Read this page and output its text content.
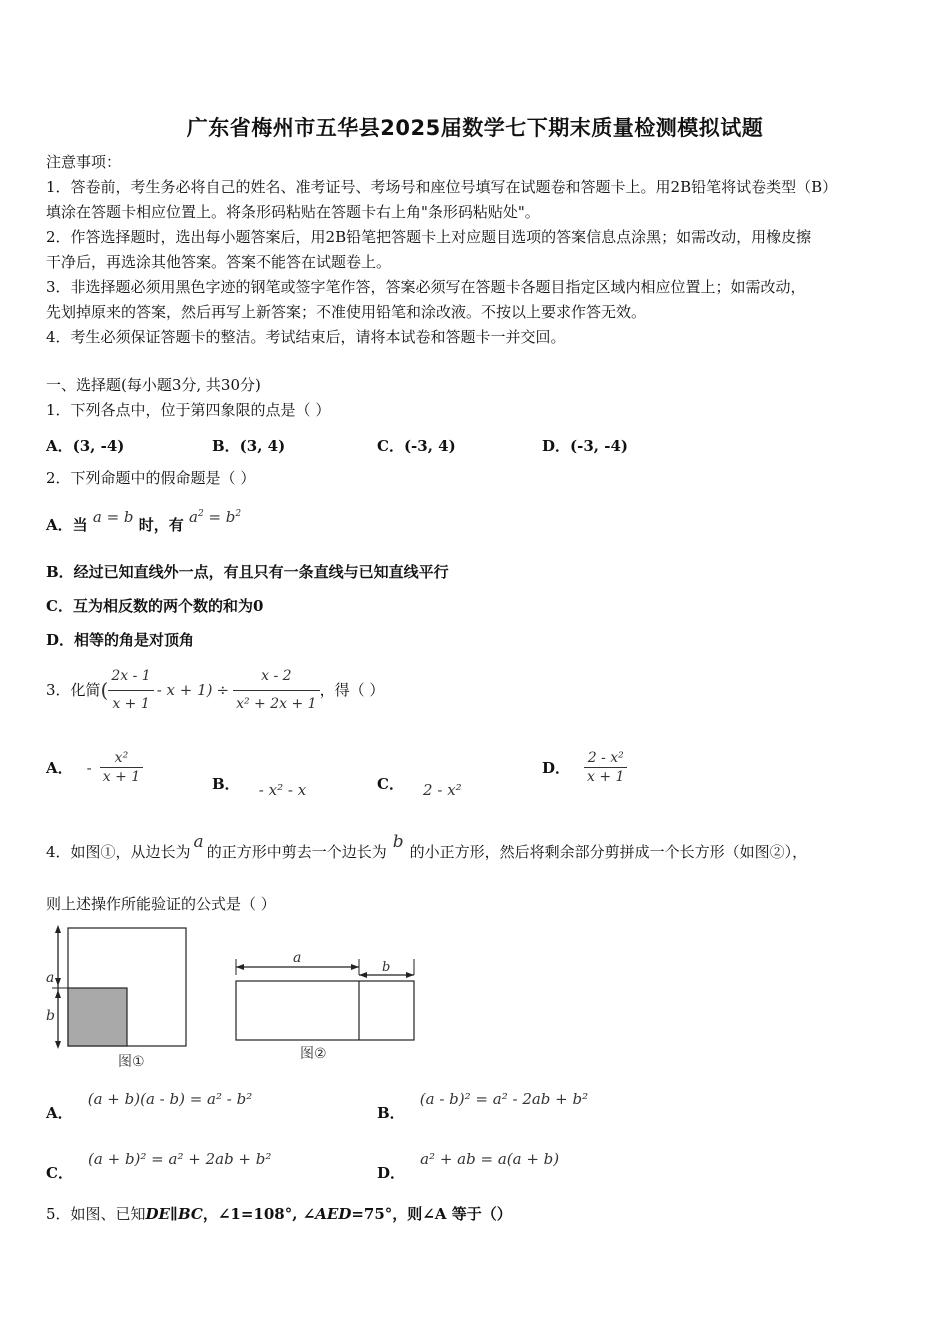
广东省梅州市五华县2025届数学七下期末质量检测模拟试题

注意事项：

1．答卷前，考生务必将自己的姓名、准考证号、考场号和座位号填写在试题卷和答题卡上。用2B铅笔将试卷类型（B）

填涂在答题卡相应位置上。将条形码粘贴在答题卡右上角"条形码粘贴处"。

2．作答选择题时，选出每小题答案后，用2B铅笔把答题卡上对应题目选项的答案信息点涂黑；如需改动，用橡皮擦

干净后，再选涂其他答案。答案不能答在试题卷上。

3．非选择题必须用黑色字迹的钢笔或签字笔作答，答案必须写在答题卡各题目指定区域内相应位置上；如需改动，

先划掉原来的答案，然后再写上新答案；不准使用铅笔和涂改液。不按以上要求作答无效。

4．考生必须保证答题卡的整洁。考试结束后，请将本试卷和答题卡一并交回。

一、选择题(每小题3分, 共30分)
1．下列各点中，位于第四象限的点是（ ）
A．(3, -4)	B．(3, 4)	C．(-3, 4)	D．(-3, -4)
2．下列命题中的假命题是（ ）
A．当 a = b 时，有 $a^2 = b^2$
B．经过已知直线外一点，有且只有一条直线与已知直线平行
C．互为相反数的两个数的和为0
D．相等的角是对顶角
3．化简 ( $\frac{2x - 1}{x + 1} - x + 1) \div \frac{x - 2}{\text{x² + 2x + 1}}$ ，得（ ）
A． - $\frac{\text{x²}}{x + 1}$	B． - x² - x	C． 2 - x²
D． $\frac{\text{2 - x²}}{x + 1}$
4．如图①，从边长为 a 的正方形中剪去一个边长为 b 的小正方形，然后将剩余部分剪拼成一个长方形（如图②），
则上述操作所能验证的公式是（ ）
a
b
图①
a
b
图②
A． (a + b)(a - b) = a² - b²
B． (a - b)² = a² - 2ab + b²
C． (a + b)² = a² + 2ab + b²
D． a² + ab = a(a + b)
5．如图、已知DE∥BC，∠1=108°, ∠AED=75°，则∠A 等于（）
